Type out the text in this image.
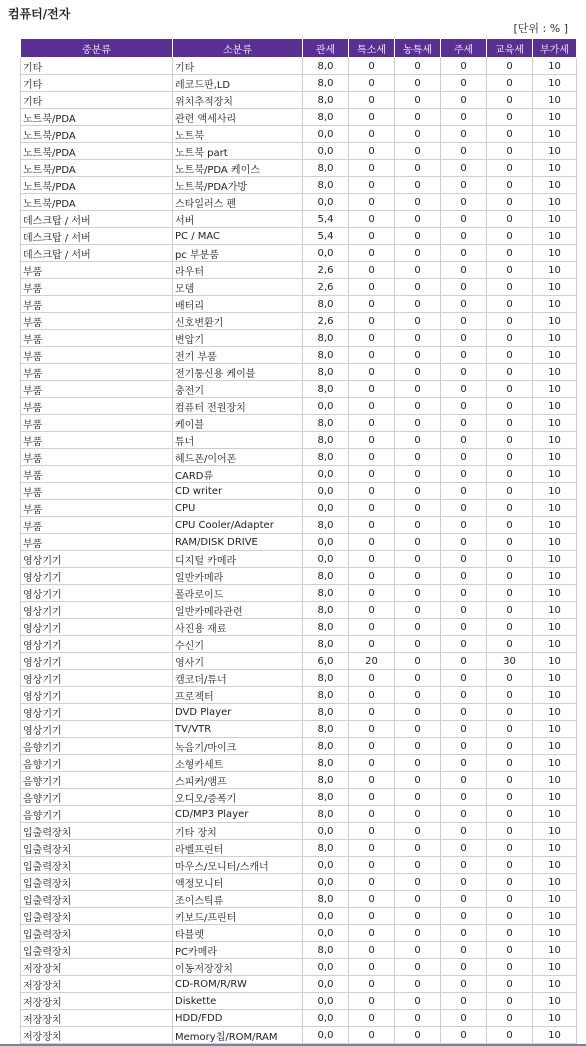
컴퓨터/전자
[단위 : % ]
중분류	소분류	관세	특소세	농특세	주세	교육세	부가세
기타	기타	8,0	0	0	0	0	10
기타	레코드판,LD	8,0	0	0	0	0	10
기타	위치추적장치	8,0	0	0	0	0	10
노트북/PDA	관련 액세사리	8,0	0	0	0	0	10
노트북/PDA	노트북	0,0	0	0	0	0	10
노트북/PDA	노트북 part	0,0	0	0	0	0	10
노트북/PDA	노트북/PDA 케이스	8,0	0	0	0	0	10
노트북/PDA	노트북/PDA가방	8,0	0	0	0	0	10
노트북/PDA	스타일러스 펜	0,0	0	0	0	0	10
데스크탑 / 서버	서버	5,4	0	0	0	0	10
데스크탑 / 서버	PC / MAC	5,4	0	0	0	0	10
데스크탑 / 서버	pc 부분품	0,0	0	0	0	0	10
부품	라우터	2,6	0	0	0	0	10
부품	모뎀	2,6	0	0	0	0	10
부품	배터리	8,0	0	0	0	0	10
부품	신호변환기	2,6	0	0	0	0	10
부품	변압기	8,0	0	0	0	0	10
부품	전기 부품	8,0	0	0	0	0	10
부품	전기통신용 케이블	8,0	0	0	0	0	10
부품	충전기	8,0	0	0	0	0	10
부품	컴퓨터 전원장치	0,0	0	0	0	0	10
부품	케이블	8,0	0	0	0	0	10
부품	튜너	8,0	0	0	0	0	10
부품	헤드폰/이어폰	8,0	0	0	0	0	10
부품	CARD류	0,0	0	0	0	0	10
부품	CD writer	0,0	0	0	0	0	10
부품	CPU	0,0	0	0	0	0	10
부품	CPU Cooler/Adapter	8,0	0	0	0	0	10
부품	RAM/DISK DRIVE	0,0	0	0	0	0	10
영상기기	디지털 카메라	0,0	0	0	0	0	10
영상기기	일반카메라	8,0	0	0	0	0	10
영상기기	폴라로이드	8,0	0	0	0	0	10
영상기기	일반카메라관련	8,0	0	0	0	0	10
영상기기	사진용 재료	8,0	0	0	0	0	10
영상기기	수신기	8,0	0	0	0	0	10
영상기기	영사기	6,0	20	0	0	30	10
영상기기	캠코더/튜너	8,0	0	0	0	0	10
영상기기	프로젝터	8,0	0	0	0	0	10
영상기기	DVD Player	8,0	0	0	0	0	10
영상기기	TV/VTR	8,0	0	0	0	0	10
음향기기	녹음기/마이크	8,0	0	0	0	0	10
음향기기	소형카세트	8,0	0	0	0	0	10
음향기기	스피커/앰프	8,0	0	0	0	0	10
음향기기	오디오/증폭기	8,0	0	0	0	0	10
음향기기	CD/MP3 Player	8,0	0	0	0	0	10
입출력장치	기타 장치	0,0	0	0	0	0	10
입출력장치	라벨프린터	8,0	0	0	0	0	10
입출력장치	마우스/모니터/스캐너	0,0	0	0	0	0	10
입출력장치	액정모니터	0,0	0	0	0	0	10
입출력장치	조이스틱류	8,0	0	0	0	0	10
입출력장치	키보드/프린터	0,0	0	0	0	0	10
입출력장치	타블렛	0,0	0	0	0	0	10
입출력장치	PC카메라	8,0	0	0	0	0	10
저장장치	이동저장장치	0,0	0	0	0	0	10
저장장치	CD-ROM/R/RW	0,0	0	0	0	0	10
저장장치	Diskette	0,0	0	0	0	0	10
저장장치	HDD/FDD	0,0	0	0	0	0	10
저장장치	Memory칩/ROM/RAM	0,0	0	0	0	0	10
